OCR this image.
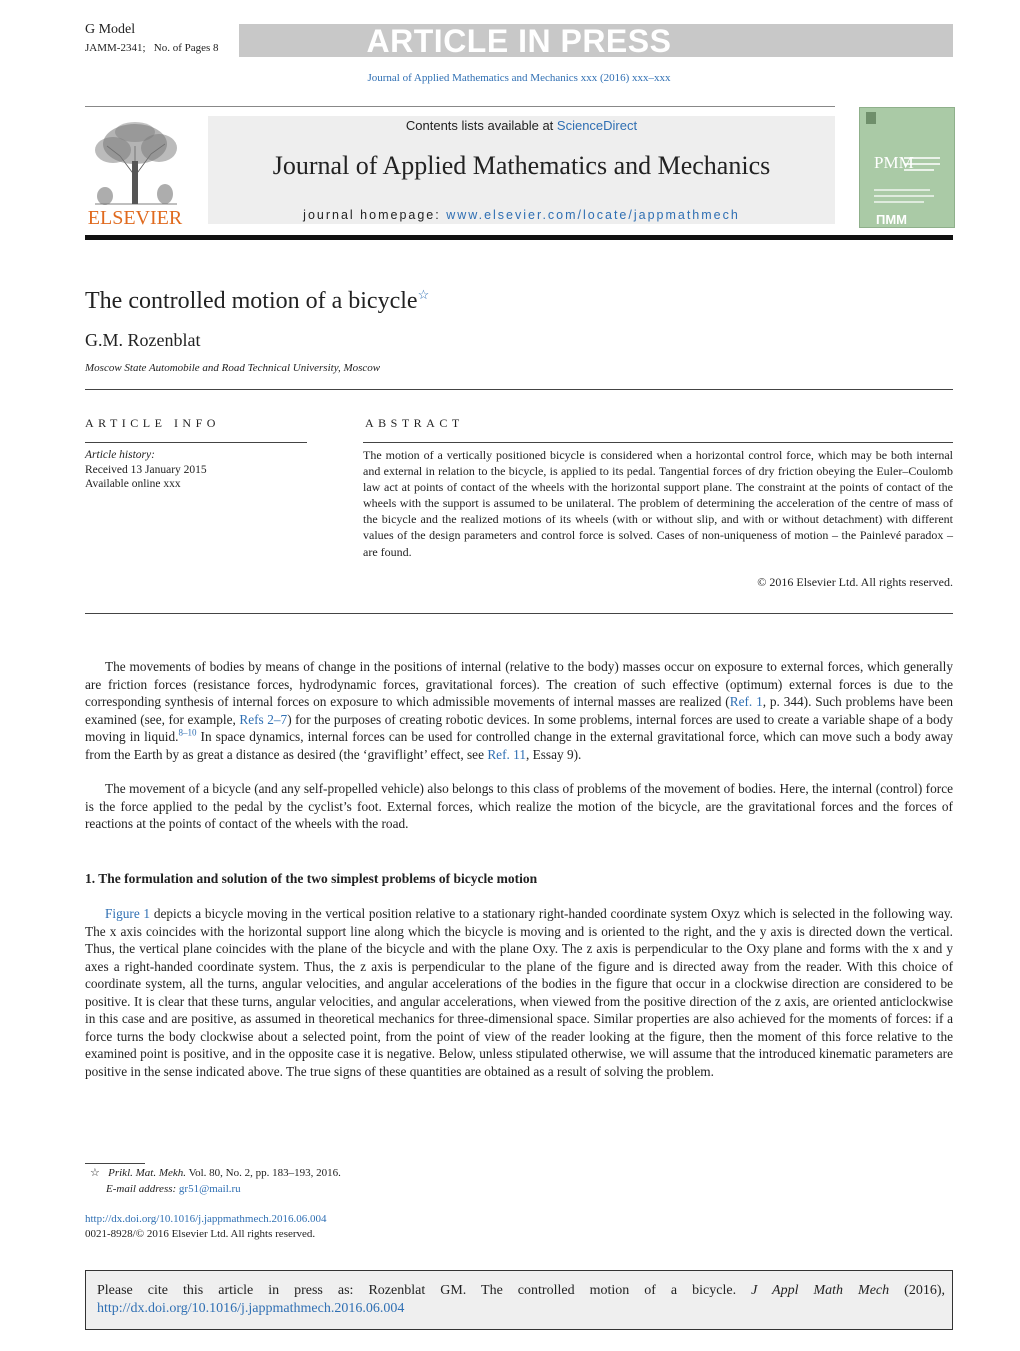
G Model
JAMM-2341; No. of Pages 8	ARTICLE IN PRESS
Journal of Applied Mathematics and Mechanics xxx (2016) xxx–xxx
ELSEVIER
Contents lists available at ScienceDirect
Journal of Applied Mathematics and Mechanics
journal homepage: www.elsevier.com/locate/jappmathmech
PMM
ПММ
The controlled motion of a bicycle☆
G.M. Rozenblat
Moscow State Automobile and Road Technical University, Moscow
ARTICLE INFO	ABSTRACT
Article history:
Received 13 January 2015
Available online xxx
The motion of a vertically positioned bicycle is considered when a horizontal control force, which may be both internal and external in relation to the bicycle, is applied to its pedal. Tangential forces of dry friction obeying the Euler–Coulomb law act at points of contact of the wheels with the horizontal support plane. The constraint at the points of contact of the wheels with the support is assumed to be unilateral. The problem of determining the acceleration of the centre of mass of the bicycle and the realized motions of its wheels (with or without slip, and with or without detachment) with different values of the design parameters and control force is solved. Cases of non-uniqueness of motion – the Painlevé paradox – are found.
© 2016 Elsevier Ltd. All rights reserved.

The movements of bodies by means of change in the positions of internal (relative to the body) masses occur on exposure to external forces, which generally are friction forces (resistance forces, hydrodynamic forces, gravitational forces). The creation of such effective (optimum) external forces is due to the corresponding synthesis of internal forces on exposure to which admissible movements of internal masses are realized (Ref. 1, p. 344). Such problems have been examined (see, for example, Refs 2–7) for the purposes of creating robotic devices. In some problems, internal forces are used to create a variable shape of a body moving in liquid.$^{8-10}$ In space dynamics, internal forces can be used for controlled change in the external gravitational force, which can move such a body away from the Earth by as great a distance as desired (the ‘graviflight’ effect, see Ref. 11, Essay 9).

The movement of a bicycle (and any self-propelled vehicle) also belongs to this class of problems of the movement of bodies. Here, the internal (control) force is the force applied to the pedal by the cyclist’s foot. External forces, which realize the motion of the bicycle, are the gravitational forces and the forces of reactions at the points of contact of the wheels with the road.

1. The formulation and solution of the two simplest problems of bicycle motion

Figure 1 depicts a bicycle moving in the vertical position relative to a stationary right-handed coordinate system Oxyz which is selected in the following way. The x axis coincides with the horizontal support line along which the bicycle is moving and is oriented to the right, and the y axis is directed down the vertical. Thus, the vertical plane coincides with the plane of the bicycle and with the plane Oxy. The z axis is perpendicular to the Oxy plane and forms with the x and y axes a right-handed coordinate system. Thus, the z axis is perpendicular to the plane of the figure and is directed away from the reader. With this choice of coordinate system, all the turns, angular velocities, and angular accelerations of the bodies in the figure that occur in a clockwise direction are considered to be positive. It is clear that these turns, angular velocities, and angular accelerations, when viewed from the positive direction of the z axis, are oriented anticlockwise in this case and are positive, as assumed in theoretical mechanics for three-dimensional space. Similar properties are also achieved for the moments of forces: if a force turns the body clockwise about a selected point, from the point of view of the reader looking at the figure, then the moment of this force relative to the examined point is positive, and in the opposite case it is negative. Below, unless stipulated otherwise, we will assume that the introduced kinematic parameters are positive in the sense indicated above. The true signs of these quantities are obtained as a result of solving the problem.

☆ Prikl. Mat. Mekh. Vol. 80, No. 2, pp. 183–193, 2016.
E-mail address: gr51@mail.ru
http://dx.doi.org/10.1016/j.jappmathmech.2016.06.004
0021-8928/© 2016 Elsevier Ltd. All rights reserved.
Please cite this article in press as: Rozenblat GM. The controlled motion of a bicycle. J Appl Math Mech (2016), http://dx.doi.org/10.1016/j.jappmathmech.2016.06.004
